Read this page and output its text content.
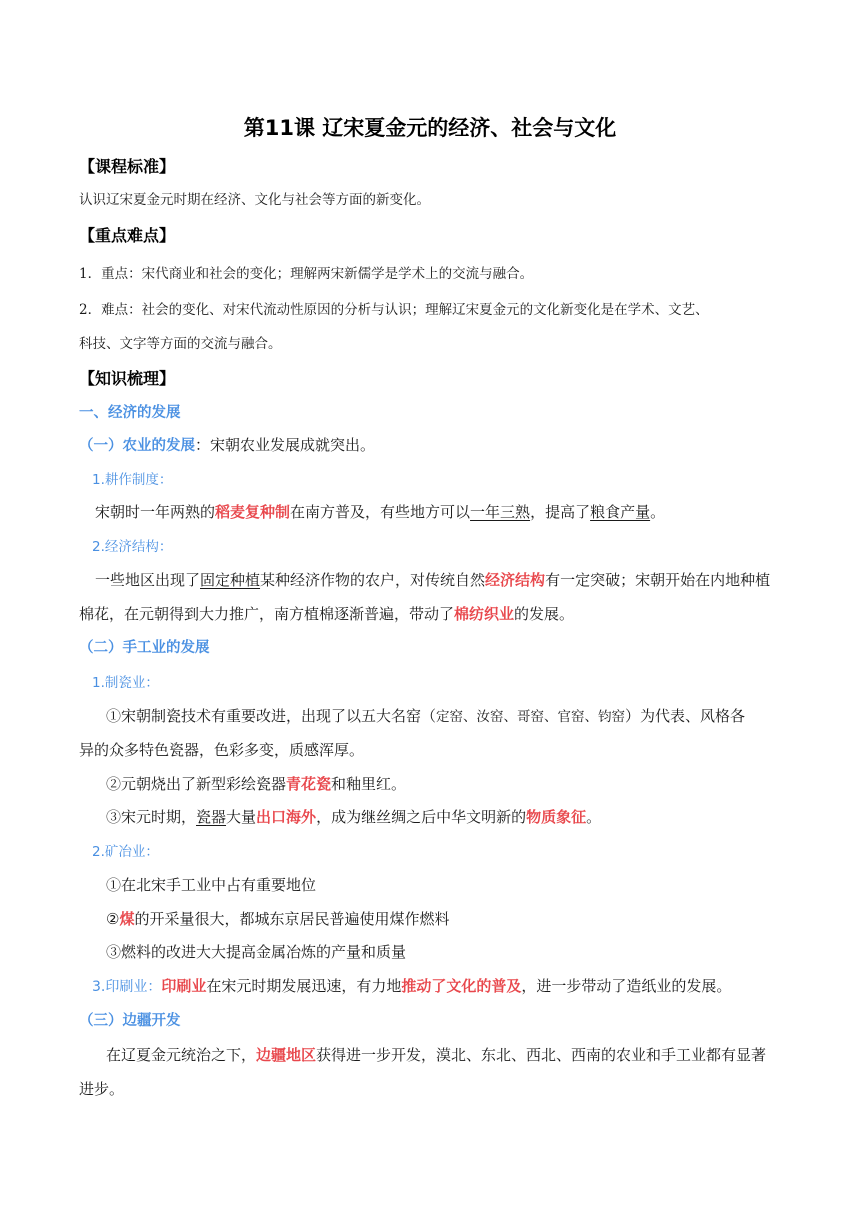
第11课 辽宋夏金元的经济、社会与文化
【课程标准】
认识辽宋夏金元时期在经济、文化与社会等方面的新变化。
【重点难点】
1．重点：宋代商业和社会的变化；理解两宋新儒学是学术上的交流与融合。
2．难点：社会的变化、对宋代流动性原因的分析与认识；理解辽宋夏金元的文化新变化是在学术、文艺、
科技、文字等方面的交流与融合。
【知识梳理】
一、经济的发展
（一）农业的发展：宋朝农业发展成就突出。
1.耕作制度：
宋朝时一年两熟的稻麦复种制在南方普及，有些地方可以一年三熟，提高了粮食产量。
2.经济结构：
一些地区出现了固定种植某种经济作物的农户，对传统自然经济结构有一定突破；宋朝开始在内地种植
棉花，在元朝得到大力推广，南方植棉逐渐普遍，带动了棉纺织业的发展。
（二）手工业的发展
1.制瓷业：
①宋朝制瓷技术有重要改进，出现了以五大名窑（定窑、汝窑、哥窑、官窑、钧窑）为代表、风格各
异的众多特色瓷器，色彩多变，质感浑厚。
②元朝烧出了新型彩绘瓷器青花瓷和釉里红。
③宋元时期，瓷器大量出口海外，成为继丝绸之后中华文明新的物质象征。
2.矿冶业：
①在北宋手工业中占有重要地位
②煤的开采量很大，都城东京居民普遍使用煤作燃料
③燃料的改进大大提高金属冶炼的产量和质量
3.印刷业：印刷业在宋元时期发展迅速，有力地推动了文化的普及，进一步带动了造纸业的发展。
（三）边疆开发
在辽夏金元统治之下，边疆地区获得进一步开发，漠北、东北、西北、西南的农业和手工业都有显著
进步。
